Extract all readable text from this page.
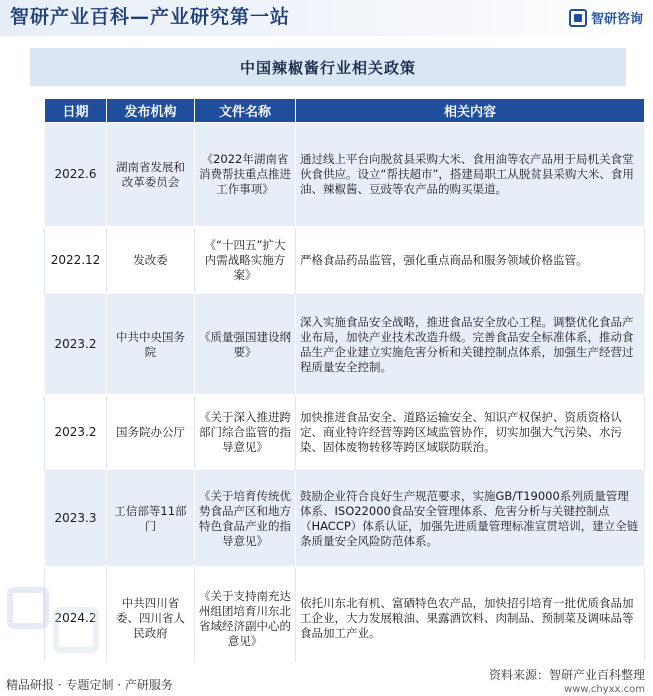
智研产业百科—产业研究第一站	智研咨询
中国辣椒酱行业相关政策
日期	发布机构	文件名称	相关内容
2022.6	湖南省发展和改革委员会	《2022年湖南省消费帮扶重点推进工作事项》	通过线上平台向脱贫县采购大米、食用油等农产品用于局机关食堂伙食供应。设立“帮扶超市”，搭建局职工从脱贫县采购大米、食用油、辣椒酱、豆豉等农产品的购买渠道。
2022.12	发改委	《“十四五”扩大内需战略实施方案》	严格食品药品监管，强化重点商品和服务领域价格监管。
2023.2	中共中央国务院	《质量强国建设纲要》	深入实施食品安全战略，推进食品安全放心工程。调整优化食品产业布局，加快产业技术改造升级。完善食品安全标准体系，推动食品生产企业建立实施危害分析和关键控制点体系，加强生产经营过程质量安全控制。
2023.2	国务院办公厅	《关于深入推进跨部门综合监管的指导意见》	加快推进食品安全、道路运输安全、知识产权保护、资质资格认定、商业特许经营等跨区域监管协作，切实加强大气污染、水污染、固体废物转移等跨区域联防联治。
2023.3	工信部等11部门	《关于培育传统优势食品产区和地方特色食品产业的指导意见》	鼓励企业符合良好生产规范要求，实施GB/T19000系列质量管理体系、ISO22000食品安全管理体系、危害分析与关键控制点（HACCP）体系认证，加强先进质量管理标准宣贯培训，建立全链条质量安全风险防范体系。
2024.2	中共四川省委、四川省人民政府	《关于支持南充达州组团培育川东北省域经济副中心的意见》	依托川东北有机、富硒特色农产品，加快招引培育一批优质食品加工企业，大力发展粮油、果露酒饮料、肉制品、预制菜及调味品等食品加工产业。
精品研报 · 专题定制 · 产研服务
资料来源：智研产业百科整理
www.chyxx.com
